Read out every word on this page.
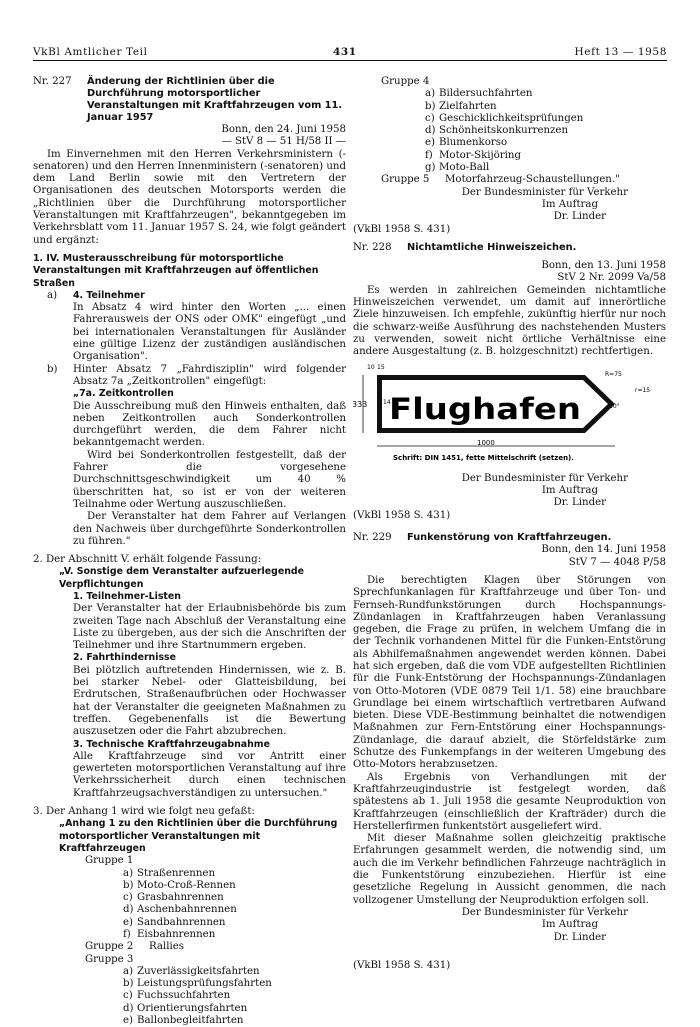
VkBl Amtlicher Teil	431	Heft 13 — 1958
Nr. 227	Änderung der Richtlinien über die Durchführung motorsportlicher Veranstaltungen mit Kraftfahrzeugen vom 11. Januar 1957

Bonn, den 24. Juni 1958

— StV 8 — 51 H/58 II —

Im Einvernehmen mit den Herren Verkehrsministern (-senatoren) und den Herren Innenministern (-senatoren) und dem Land Berlin sowie mit den Vertretern der Organisationen des deutschen Motorsports werden die „Richtlinien über die Durchführung motorsportlicher Veranstaltungen mit Kraftfahrzeugen", bekanntgegeben im Verkehrsblatt vom 11. Januar 1957 S. 24, wie folgt geändert und ergänzt:

1. IV. Musterausschreibung für motorsportliche Veranstaltungen mit Kraftfahrzeugen auf öffentlichen Straßen

a)	4. Teilnehmer

In Absatz 4 wird hinter den Worten „... einen Fahrerausweis der ONS oder OMK" eingefügt „und bei internationalen Veranstaltungen für Ausländer eine gültige Lizenz der zuständigen ausländischen Organisation".

b)	Hinter Absatz 7 „Fahrdisziplin" wird folgender Absatz 7a „Zeitkontrollen" eingefügt:

„7a. Zeitkontrollen

Die Ausschreibung muß den Hinweis enthalten, daß neben Zeitkontrollen auch Sonderkontrollen durchgeführt werden, die dem Fahrer nicht bekanntgemacht werden.

Wird bei Sonderkontrollen festgestellt, daß der Fahrer die vorgesehene Durchschnittsgeschwindigkeit um 40 % überschritten hat, so ist er von der weiteren Teilnahme oder Wertung auszuschließen.

Der Veranstalter hat dem Fahrer auf Verlangen den Nachweis über durchgeführte Sonderkontrollen zu führen."

2. Der Abschnitt V. erhält folgende Fassung:

„V. Sonstige dem Veranstalter aufzuerlegende Verpflichtungen

1. Teilnehmer-Listen

Der Veranstalter hat der Erlaubnisbehörde bis zum zweiten Tage nach Abschluß der Veranstaltung eine Liste zu übergeben, aus der sich die Anschriften der Teilnehmer und ihre Startnummern ergeben.

2. Fahrthindernisse

Bei plötzlich auftretenden Hindernissen, wie z. B. bei starker Nebel- oder Glatteisbildung, bei Erdrutschen, Straßenaufbrüchen oder Hochwasser hat der Veranstalter die geeigneten Maßnahmen zu treffen. Gegebenenfalls ist die Bewertung auszusetzen oder die Fahrt abzubrechen.

3. Technische Kraftfahrzeugabnahme

Alle Kraftfahrzeuge sind vor Antritt einer gewerteten motorsportlichen Veranstaltung auf ihre Verkehrssicherheit durch einen technischen Kraftfahrzeugsachverständigen zu untersuchen."

3. Der Anhang 1 wird wie folgt neu gefaßt:

„Anhang 1 zu den Richtlinien über die Durchführung motorsportlicher Veranstaltungen mit Kraftfahrzeugen

Gruppe 1

a) Straßenrennen
b) Moto-Croß-Rennen
c) Grasbahnrennen
d) Aschenbahnrennen
e) Sandbahnrennen
f) Eisbahnrennen
Gruppe 2	Rallies

Gruppe 3

a) Zuverlässigkeitsfahrten
b) Leistungsprüfungsfahrten
c) Fuchssuchfahrten
d) Orientierungsfahrten
e) Ballonbegleitfahrten

Gruppe 4

a) Bildersuchfahrten
b) Zielfahrten
c) Geschicklichkeitsprüfungen
d) Schönheitskonkurrenzen
e) Blumenkorso
f) Motor-Skijöring
g) Moto-Ball
Gruppe 5	Motorfahrzeug-Schaustellungen."

Der Bundesminister für Verkehr

Im Auftrag

Dr. Linder

(VkBl 1958 S. 431)

Nr. 228	Nichtamtliche Hinweiszeichen.

Bonn, den 13. Juni 1958

StV 2 Nr. 2099 Va/58

Es werden in zahlreichen Gemeinden nichtamtliche Hinweiszeichen verwendet, um damit auf innerörtliche Ziele hinzuweisen. Ich empfehle, zukünftig hierfür nur noch die schwarz-weiße Ausführung des nachstehenden Musters zu verwenden, soweit nicht örtliche Verhältnisse eine andere Ausgestaltung (z. B. holzgeschnitzt) rechtfertigen.

10 15
333	14
Flughafen
R=75
r=15
60°
1000
Schrift: DIN 1451, fette Mittelschrift (setzen).

Der Bundesminister für Verkehr

Im Auftrag

Dr. Linder

(VkBl 1958 S. 431)

Nr. 229	Funkenstörung von Kraftfahrzeugen.

Bonn, den 14. Juni 1958

StV 7 — 4048 P/58

Die berechtigten Klagen über Störungen von Sprechfunkanlagen für Kraftfahrzeuge und über Ton- und Fernseh-Rundfunkstörungen durch Hochspannungs-Zündanlagen in Kraftfahrzeugen haben Veranlassung gegeben, die Frage zu prüfen, in welchem Umfang die in der Technik vorhandenen Mittel für die Funken-Entstörung als Abhilfemaßnahmen angewendet werden können. Dabei hat sich ergeben, daß die vom VDE aufgestellten Richtlinien für die Funk-Entstörung der Hochspannungs-Zündanlagen von Otto-Motoren (VDE 0879 Teil 1/1. 58) eine brauchbare Grundlage bei einem wirtschaftlich vertretbaren Aufwand bieten. Diese VDE-Bestimmung beinhaltet die notwendigen Maßnahmen zur Fern-Entstörung einer Hochspannungs-Zündanlage, die darauf abzielt, die Störfeldstärke zum Schutze des Funkempfangs in der weiteren Umgebung des Otto-Motors herabzusetzen.

Als Ergebnis von Verhandlungen mit der Kraftfahrzeugindustrie ist festgelegt worden, daß spätestens ab 1. Juli 1958 die gesamte Neuproduktion von Kraftfahrzeugen (einschließlich der Krafträder) durch die Herstellerfirmen funkentstört ausgeliefert wird.

Mit dieser Maßnahme sollen gleichzeitig praktische Erfahrungen gesammelt werden, die notwendig sind, um auch die im Verkehr befindlichen Fahrzeuge nachträglich in die Funkentstörung einzubeziehen. Hierfür ist eine gesetzliche Regelung in Aussicht genommen, die nach vollzogener Umstellung der Neuproduktion erfolgen soll.

Der Bundesminister für Verkehr

Im Auftrag

Dr. Linder

(VkBl 1958 S. 431)
